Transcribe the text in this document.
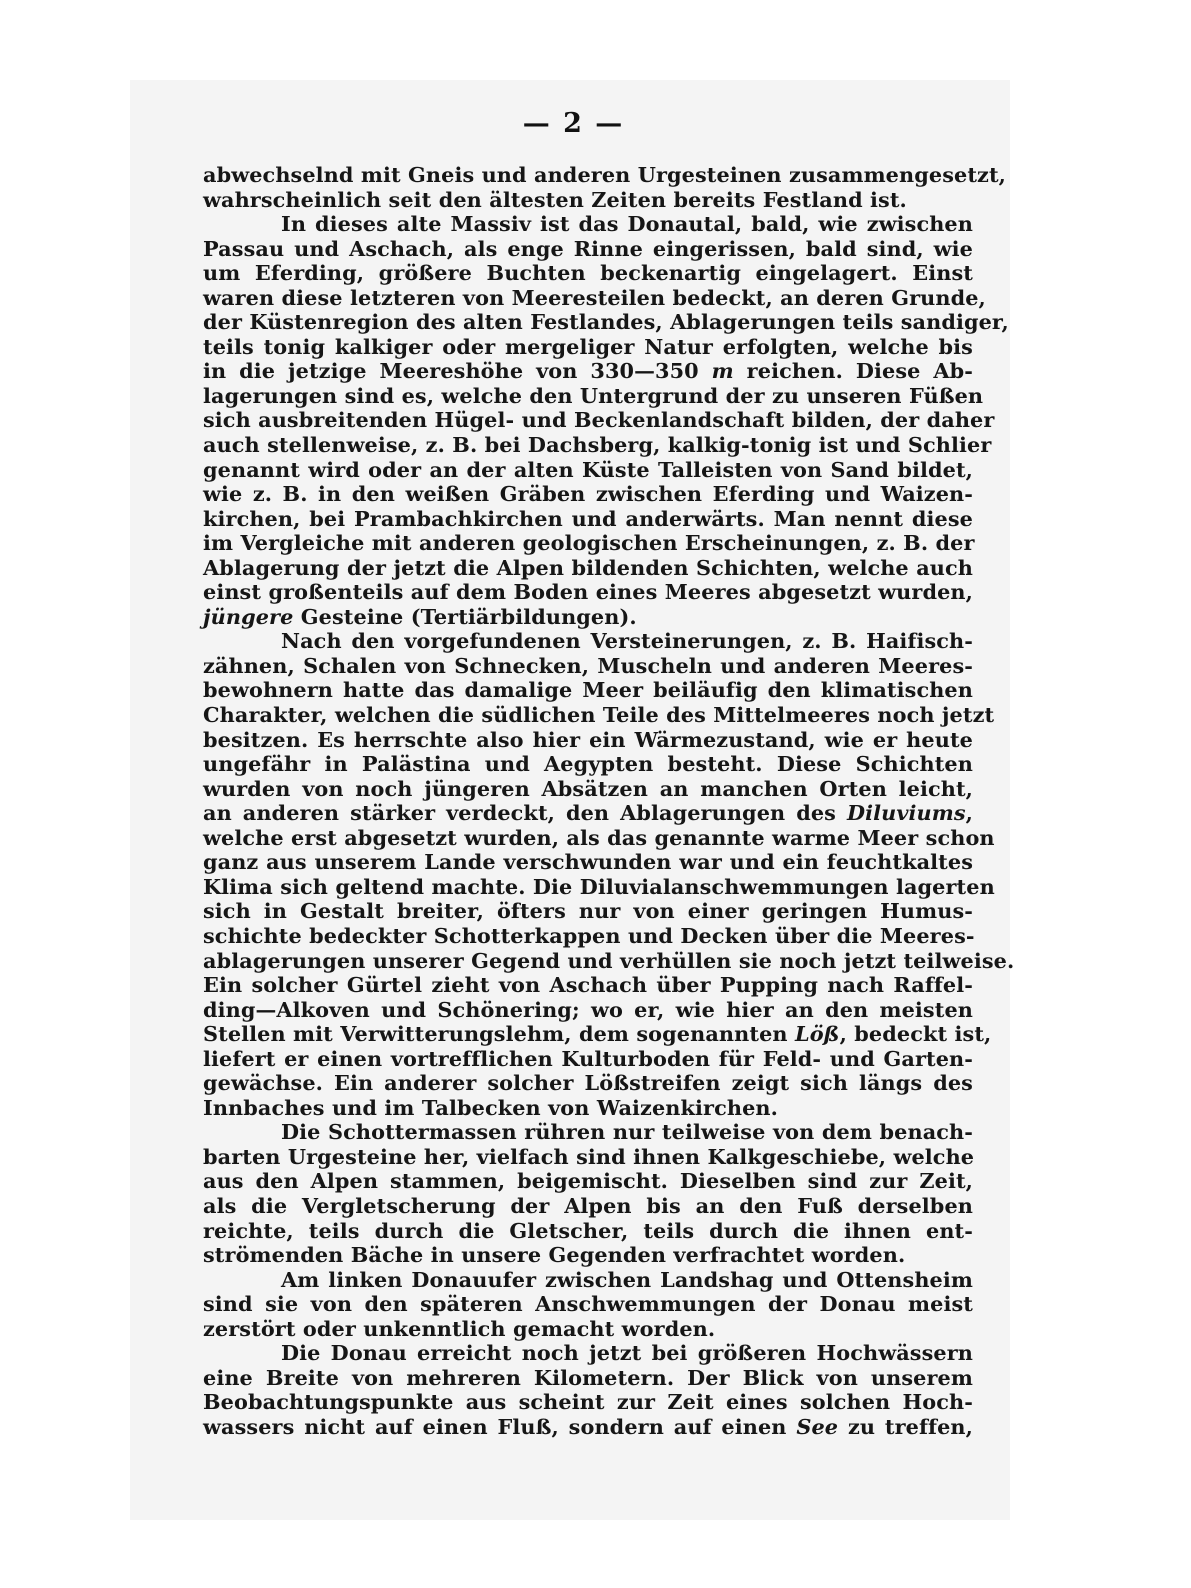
— 2 —
abwechselnd mit Gneis und anderen Urgesteinen zusammengesetzt,
wahrscheinlich seit den ältesten Zeiten bereits Festland ist.
In dieses alte Massiv ist das Donautal, bald, wie zwischen
Passau und Aschach, als enge Rinne eingerissen, bald sind, wie
um Eferding, größere Buchten beckenartig eingelagert. Einst
waren diese letzteren von Meeresteilen bedeckt, an deren Grunde,
der Küstenregion des alten Festlandes, Ablagerungen teils sandiger,
teils tonig kalkiger oder mergeliger Natur erfolgten, welche bis
in die jetzige Meereshöhe von 330—350 m reichen. Diese Ab-
lagerungen sind es, welche den Untergrund der zu unseren Füßen
sich ausbreitenden Hügel- und Beckenlandschaft bilden, der daher
auch stellenweise, z. B. bei Dachsberg, kalkig-tonig ist und Schlier
genannt wird oder an der alten Küste Talleisten von Sand bildet,
wie z. B. in den weißen Gräben zwischen Eferding und Waizen-
kirchen, bei Prambachkirchen und anderwärts. Man nennt diese
im Vergleiche mit anderen geologischen Erscheinungen, z. B. der
Ablagerung der jetzt die Alpen bildenden Schichten, welche auch
einst großenteils auf dem Boden eines Meeres abgesetzt wurden,
jüngere Gesteine (Tertiärbildungen).
Nach den vorgefundenen Versteinerungen, z. B. Haifisch-
zähnen, Schalen von Schnecken, Muscheln und anderen Meeres-
bewohnern hatte das damalige Meer beiläufig den klimatischen
Charakter, welchen die südlichen Teile des Mittelmeeres noch jetzt
besitzen. Es herrschte also hier ein Wärmezustand, wie er heute
ungefähr in Palästina und Aegypten besteht. Diese Schichten
wurden von noch jüngeren Absätzen an manchen Orten leicht,
an anderen stärker verdeckt, den Ablagerungen des Diluviums,
welche erst abgesetzt wurden, als das genannte warme Meer schon
ganz aus unserem Lande verschwunden war und ein feuchtkaltes
Klima sich geltend machte. Die Diluvialanschwemmungen lagerten
sich in Gestalt breiter, öfters nur von einer geringen Humus-
schichte bedeckter Schotterkappen und Decken über die Meeres-
ablagerungen unserer Gegend und verhüllen sie noch jetzt teilweise.
Ein solcher Gürtel zieht von Aschach über Pupping nach Raffel-
ding—Alkoven und Schönering; wo er, wie hier an den meisten
Stellen mit Verwitterungslehm, dem sogenannten Löß, bedeckt ist,
liefert er einen vortrefflichen Kulturboden für Feld- und Garten-
gewächse. Ein anderer solcher Lößstreifen zeigt sich längs des
Innbaches und im Talbecken von Waizenkirchen.
Die Schottermassen rühren nur teilweise von dem benach-
barten Urgesteine her, vielfach sind ihnen Kalkgeschiebe, welche
aus den Alpen stammen, beigemischt. Dieselben sind zur Zeit,
als die Vergletscherung der Alpen bis an den Fuß derselben
reichte, teils durch die Gletscher, teils durch die ihnen ent-
strömenden Bäche in unsere Gegenden verfrachtet worden.
Am linken Donauufer zwischen Landshag und Ottensheim
sind sie von den späteren Anschwemmungen der Donau meist
zerstört oder unkenntlich gemacht worden.
Die Donau erreicht noch jetzt bei größeren Hochwässern
eine Breite von mehreren Kilometern. Der Blick von unserem
Beobachtungspunkte aus scheint zur Zeit eines solchen Hoch-
wassers nicht auf einen Fluß, sondern auf einen See zu treffen,
